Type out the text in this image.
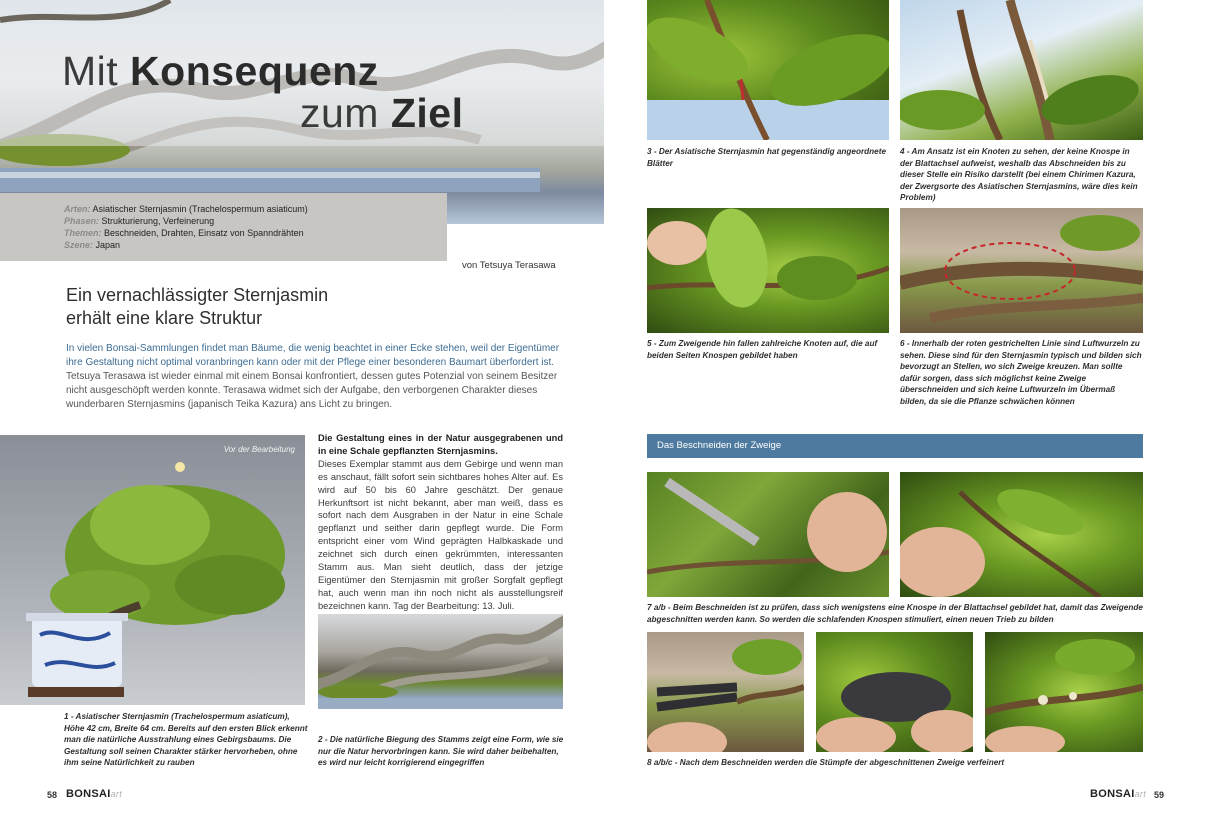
Mit Konsequenz
zum Ziel
Arten: Asiatischer Sternjasmin (Trachelospermum asiaticum)
Phasen: Strukturierung, Verfeinerung
Themen: Beschneiden, Drahten, Einsatz von Spanndrähten
Szene: Japan
von Tetsuya Terasawa
Ein vernachlässigter Sternjasmin
erhält eine klare Struktur
In vielen Bonsai-Sammlungen findet man Bäume, die wenig beachtet in einer Ecke stehen, weil der Eigentümer ihre Gestaltung nicht optimal voranbringen kann oder mit der Pflege einer besonderen Baumart überfordert ist. Tetsuya Terasawa ist wieder einmal mit einem Bonsai konfrontiert, dessen gutes Potenzial von seinem Besitzer nicht ausgeschöpft werden konnte. Terasawa widmet sich der Aufgabe, den verborgenen Charakter dieses wunderbaren Sternjasmins (japanisch Teika Kazura) ans Licht zu bringen.
Vor der Bearbeitung
1 - Asiatischer Sternjasmin (Trachelospermum asiaticum), Höhe 42 cm, Breite 64 cm. Bereits auf den ersten Blick erkennt man die natürliche Ausstrahlung eines Gebirgsbaums. Die Gestaltung soll seinen Charakter stärker hervorheben, ohne ihm seine Natürlichkeit zu rauben
Die Gestaltung eines in der Natur ausgegrabenen und in eine Schale gepflanzten Sternjasmins.
Dieses Exemplar stammt aus dem Gebirge und wenn man es anschaut, fällt sofort sein sichtbares hohes Alter auf. Es wird auf 50 bis 60 Jahre geschätzt. Der genaue Herkunftsort ist nicht bekannt, aber man weiß, dass es sofort nach dem Ausgraben in der Natur in eine Schale gepflanzt und seither darin gepflegt wurde. Die Form entspricht einer vom Wind geprägten Halbkaskade und zeichnet sich durch einen gekrümmten, interessanten Stamm aus. Man sieht deutlich, dass der jetzige Eigentümer den Sternjasmin mit großer Sorgfalt gepflegt hat, auch wenn man ihn noch nicht als ausstellungsreif bezeichnen kann. Tag der Bearbeitung: 13. Juli.
2 - Die natürliche Biegung des Stamms zeigt eine Form, wie sie nur die Natur hervorbringen kann. Sie wird daher beibehalten, es wird nur leicht korrigierend eingegriffen
58 BONSAIart
3 - Der Asiatische Sternjasmin hat gegenständig angeordnete Blätter
4 - Am Ansatz ist ein Knoten zu sehen, der keine Knospe in der Blattachsel aufweist, weshalb das Abschneiden bis zu dieser Stelle ein Risiko darstellt (bei einem Chirimen Kazura, der Zwergsorte des Asiatischen Sternjasmins, wäre dies kein Problem)
5 - Zum Zweigende hin fallen zahlreiche Knoten auf, die auf beiden Seiten Knospen gebildet haben
6 - Innerhalb der roten gestrichelten Linie sind Luftwurzeln zu sehen. Diese sind für den Sternjasmin typisch und bilden sich bevorzugt an Stellen, wo sich Zweige kreuzen. Man sollte dafür sorgen, dass sich möglichst keine Zweige überschneiden und sich keine Luftwurzeln im Übermaß bilden, da sie die Pflanze schwächen können
Das Beschneiden der Zweige
7 a/b - Beim Beschneiden ist zu prüfen, dass sich wenigstens eine Knospe in der Blattachsel gebildet hat, damit das Zweigende abgeschnitten werden kann. So werden die schlafenden Knospen stimuliert, einen neuen Trieb zu bilden
8 a/b/c - Nach dem Beschneiden werden die Stümpfe der abgeschnittenen Zweige verfeinert
BONSAIart 59
